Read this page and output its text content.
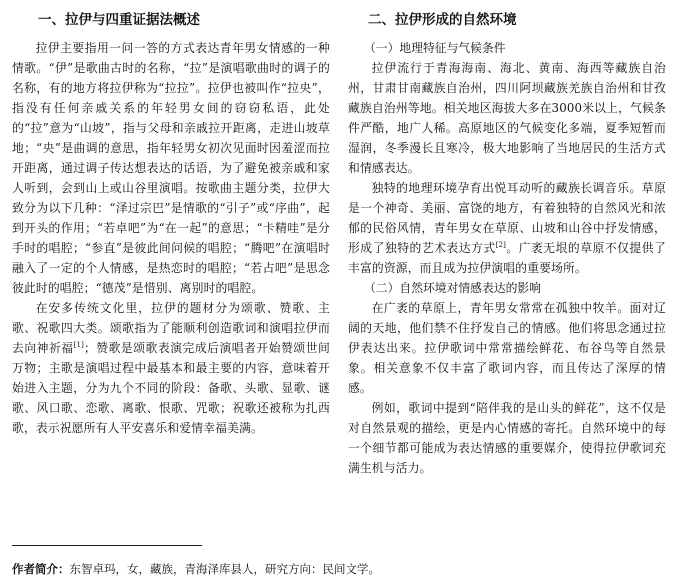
一、拉伊与四重证据法概述

拉伊主要指用一问一答的方式表达青年男女情感的一种情歌。“伊”是歌曲古时的名称，“拉”是演唱歌曲时的调子的名称，有的地方将拉伊称为“拉拉”。拉伊也被叫作“拉央”，指没有任何亲戚关系的年轻男女间的窃窃私语，此处的“拉”意为“山坡”，指与父母和亲戚拉开距离，走进山坡草地；“央”是曲调的意思，指年轻男女初次见面时因羞涩而拉开距离，通过调子传达想表达的话语，为了避免被亲戚和家人听到，会到山上或山谷里演唱。按歌曲主题分类，拉伊大致分为以下几种：“泽过宗巴”是情歌的“引子”或“序曲”，起到开头的作用；“若卓吧”为“在一起”的意思；“卡精哇”是分手时的唱腔；“参直”是彼此间问候的唱腔；“腾吧”在演唱时融入了一定的个人情感，是热恋时的唱腔；“若占吧”是思念彼此时的唱腔；“德茂”是惜别、离别时的唱腔。

在安多传统文化里，拉伊的题材分为颂歌、赞歌、主歌、祝歌四大类。颂歌指为了能顺利创造歌词和演唱拉伊而去向神祈福[1]；赞歌是颂歌表演完成后演唱者开始赞颂世间万物；主歌是演唱过程中最基本和最主要的内容，意味着开始进入主题，分为九个不同的阶段：备歌、头歌、显歌、谜歌、风口歌、恋歌、离歌、恨歌、咒歌；祝歌还被称为扎西歌，表示祝愿所有人平安喜乐和爱情幸福美满。

二、拉伊形成的自然环境
（一）地理特征与气候条件

拉伊流行于青海海南、海北、黄南、海西等藏族自治州，甘肃甘南藏族自治州，四川阿坝藏族羌族自治州和甘孜藏族自治州等地。相关地区海拔大多在3000米以上，气候条件严酷，地广人稀。高原地区的气候变化多端，夏季短暂而湿润，冬季漫长且寒冷，极大地影响了当地居民的生活方式和情感表达。

独特的地理环境孕育出悦耳动听的藏族长调音乐。草原是一个神奇、美丽、富饶的地方，有着独特的自然风光和浓郁的民俗风情，青年男女在草原、山坡和山谷中抒发情感，形成了独特的艺术表达方式[2]。广袤无垠的草原不仅提供了丰富的资源，而且成为拉伊演唱的重要场所。

（二）自然环境对情感表达的影响

在广袤的草原上，青年男女常常在孤独中牧羊。面对辽阔的天地，他们禁不住抒发自己的情感。他们将思念通过拉伊表达出来。拉伊歌词中常常描绘鲜花、布谷鸟等自然景象。相关意象不仅丰富了歌词内容，而且传达了深厚的情感。

例如，歌词中提到“陪伴我的是山头的鲜花”，这不仅是对自然景观的描绘，更是内心情感的寄托。自然环境中的每一个细节都可能成为表达情感的重要媒介，使得拉伊歌词充满生机与活力。

作者简介：东智卓玛，女，藏族，青海泽库县人，研究方向：民间文学。
